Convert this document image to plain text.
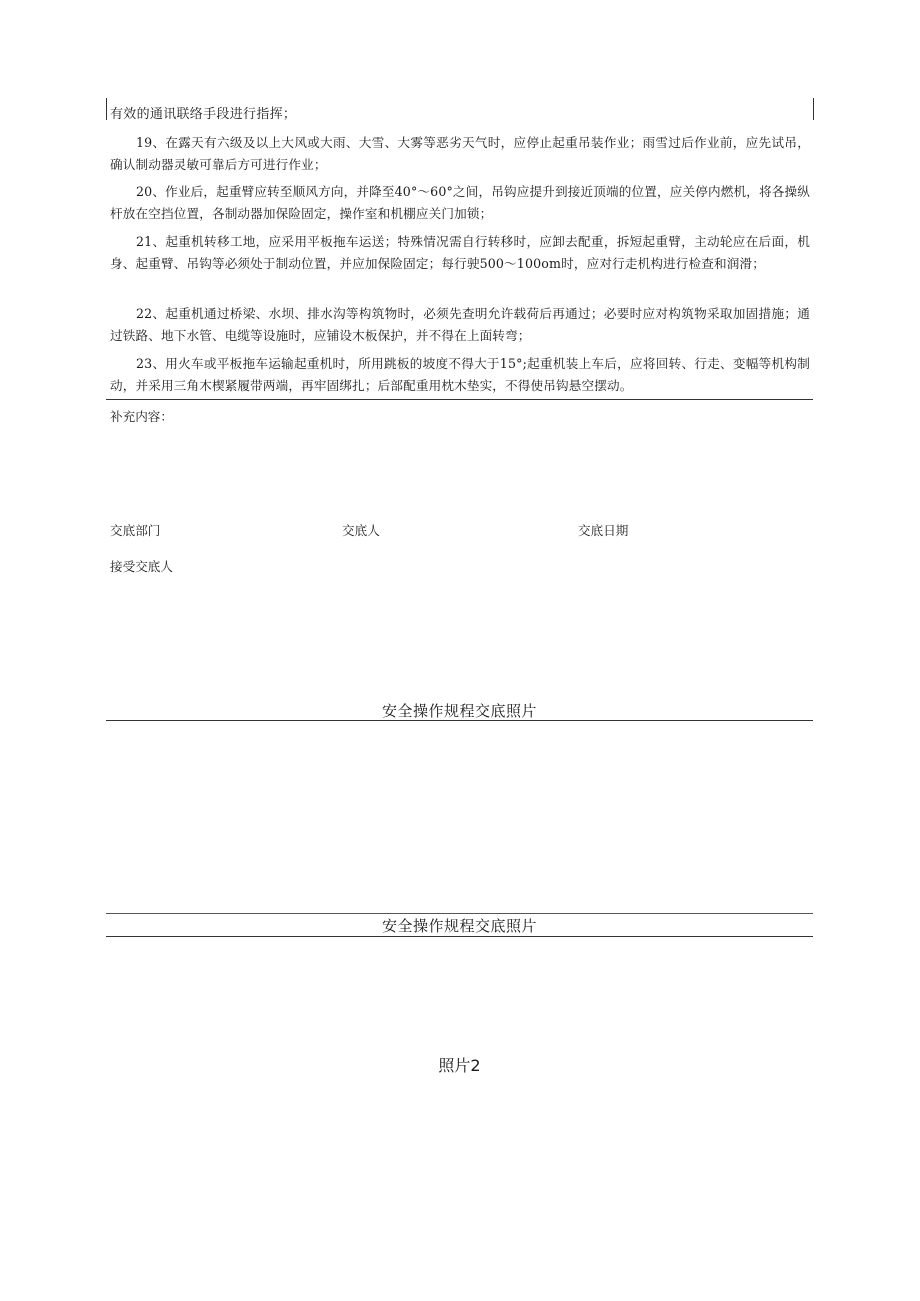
有效的通讯联络手段进行指挥；
19、在露天有六级及以上大风或大雨、大雪、大雾等恶劣天气时，应停止起重吊装作业；雨雪过后作业前，应先试吊，确认制动器灵敏可靠后方可进行作业；
20、作业后，起重臂应转至顺风方向，并降至40°～60°之间，吊钩应提升到接近顶端的位置，应关停内燃机，将各操纵杆放在空挡位置，各制动器加保险固定，操作室和机棚应关门加锁；
21、起重机转移工地，应采用平板拖车运送；特殊情况需自行转移时，应卸去配重，拆短起重臂，主动轮应在后面，机身、起重臂、吊钩等必须处于制动位置，并应加保险固定；每行驶500～100om时，应对行走机构进行检查和润滑；
22、起重机通过桥梁、水坝、排水沟等构筑物时，必须先查明允许载荷后再通过；必要时应对构筑物采取加固措施；通过铁路、地下水管、电缆等设施时，应铺设木板保护，并不得在上面转弯；
23、用火车或平板拖车运输起重机时，所用跳板的坡度不得大于15°;起重机装上车后，应将回转、行走、变幅等机构制动，并采用三角木楔紧履带两端，再牢固绑扎；后部配重用枕木垫实，不得使吊钩悬空摆动。
补充内容：
交底部门	交底人	交底日期
接受交底人
安全操作规程交底照片
安全操作规程交底照片
照片2
